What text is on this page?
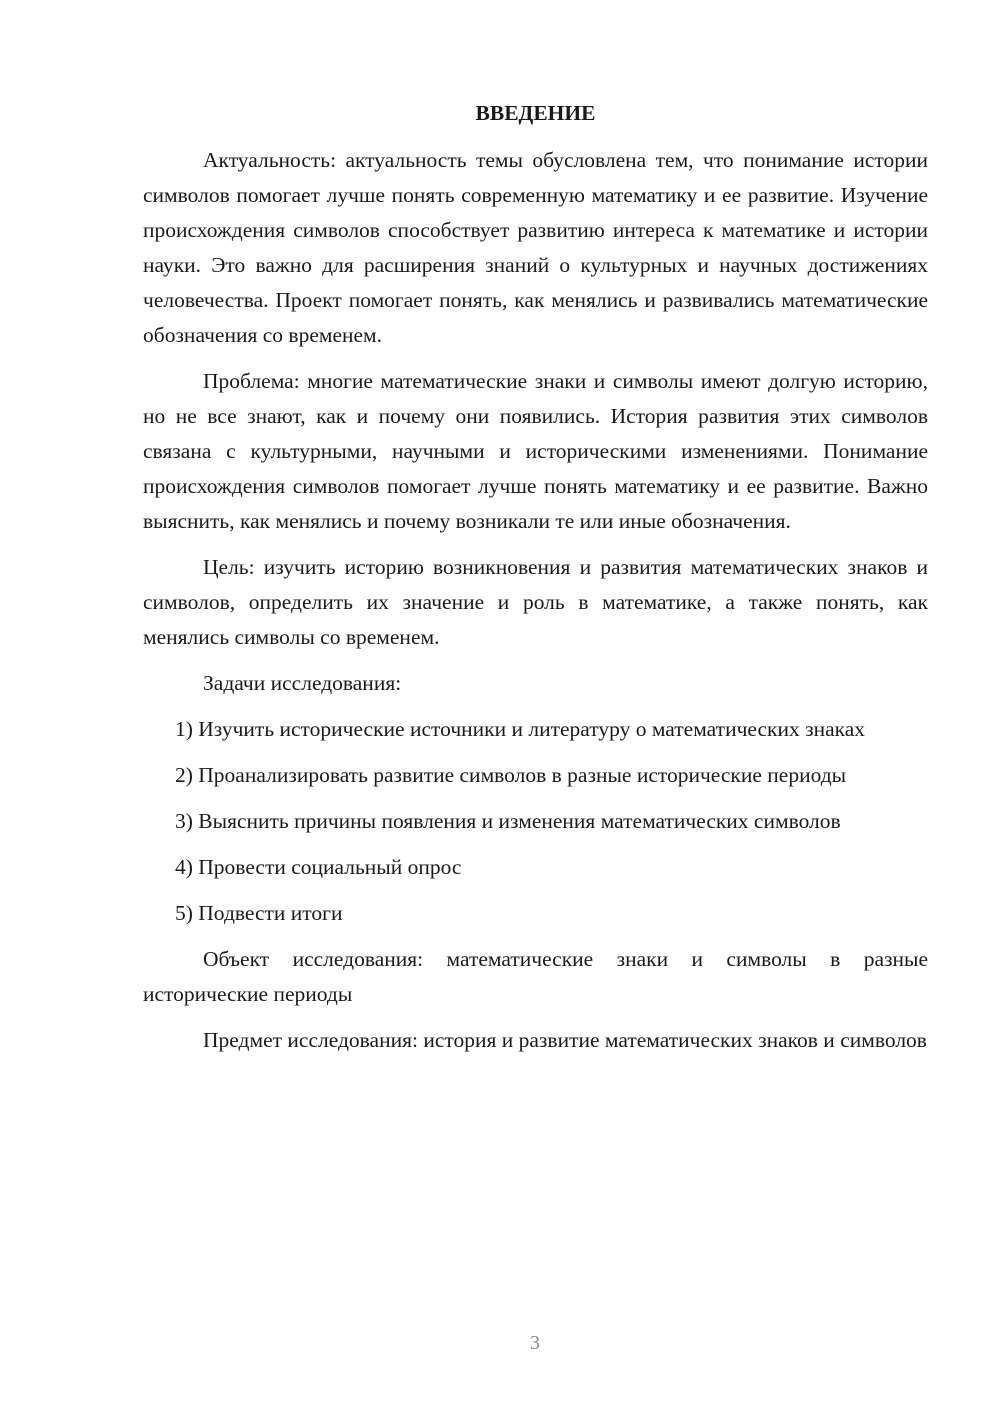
ВВЕДЕНИЕ

Актуальность: актуальность темы обусловлена тем, что понимание истории символов помогает лучше понять современную математику и ее развитие. Изучение происхождения символов способствует развитию интереса к математике и истории науки. Это важно для расширения знаний о культурных и научных достижениях человечества. Проект помогает понять, как менялись и развивались математические обозначения со временем.

Проблема: многие математические знаки и символы имеют долгую историю, но не все знают, как и почему они появились. История развития этих символов связана с культурными, научными и историческими изменениями. Понимание происхождения символов помогает лучше понять математику и ее развитие. Важно выяснить, как менялись и почему возникали те или иные обозначения.

Цель: изучить историю возникновения и развития математических знаков и символов, определить их значение и роль в математике, а также понять, как менялись символы со временем.

Задачи исследования:

1) Изучить исторические источники и литературу о математических знаках

2) Проанализировать развитие символов в разные исторические периоды

3) Выяснить причины появления и изменения математических символов

4) Провести социальный опрос

5) Подвести итоги

Объект исследования: математические знаки и символы в разные исторические периоды

Предмет исследования: история и развитие математических знаков и символов

3
